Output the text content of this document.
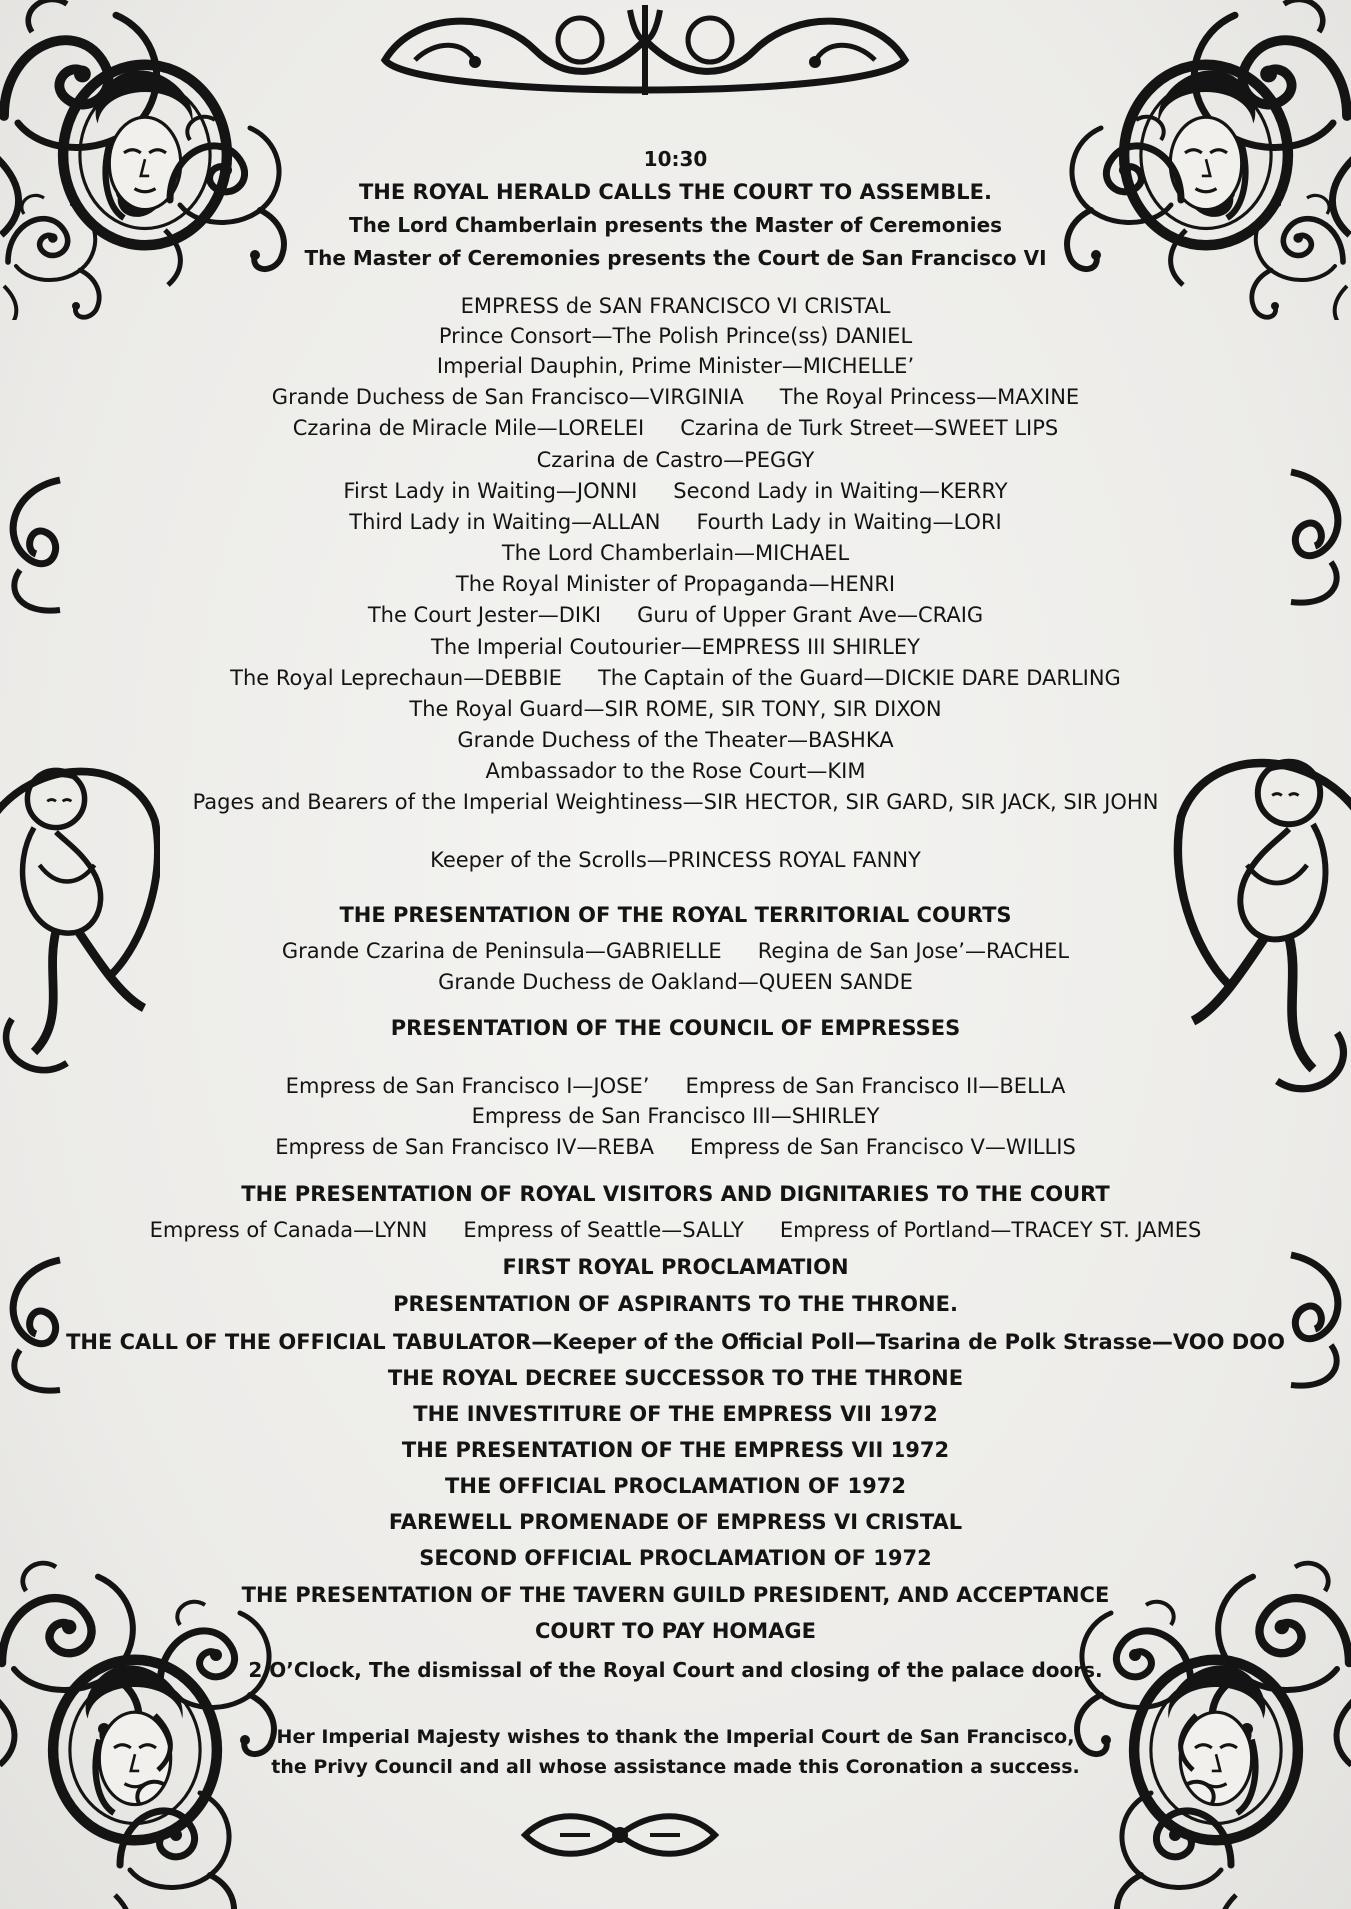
10:30
THE ROYAL HERALD CALLS THE COURT TO ASSEMBLE.
The Lord Chamberlain presents the Master of Ceremonies
The Master of Ceremonies presents the Court de San Francisco VI
EMPRESS de SAN FRANCISCO VI CRISTAL
Prince Consort—The Polish Prince(ss) DANIEL
Imperial Dauphin, Prime Minister—MICHELLE’
Grande Duchess de San Francisco—VIRGINIA The Royal Princess—MAXINE
Czarina de Miracle Mile—LORELEI Czarina de Turk Street—SWEET LIPS
Czarina de Castro—PEGGY
First Lady in Waiting—JONNI Second Lady in Waiting—KERRY
Third Lady in Waiting—ALLAN Fourth Lady in Waiting—LORI
The Lord Chamberlain—MICHAEL
The Royal Minister of Propaganda—HENRI
The Court Jester—DIKI Guru of Upper Grant Ave—CRAIG
The Imperial Coutourier—EMPRESS III SHIRLEY
The Royal Leprechaun—DEBBIE The Captain of the Guard—DICKIE DARE DARLING
The Royal Guard—SIR ROME, SIR TONY, SIR DIXON
Grande Duchess of the Theater—BASHKA
Ambassador to the Rose Court—KIM
Pages and Bearers of the Imperial Weightiness—SIR HECTOR, SIR GARD, SIR JACK, SIR JOHN
Keeper of the Scrolls—PRINCESS ROYAL FANNY
THE PRESENTATION OF THE ROYAL TERRITORIAL COURTS
Grande Czarina de Peninsula—GABRIELLE Regina de San Jose’—RACHEL
Grande Duchess de Oakland—QUEEN SANDE
PRESENTATION OF THE COUNCIL OF EMPRESSES
Empress de San Francisco I—JOSE’ Empress de San Francisco II—BELLA
Empress de San Francisco III—SHIRLEY
Empress de San Francisco IV—REBA Empress de San Francisco V—WILLIS
THE PRESENTATION OF ROYAL VISITORS AND DIGNITARIES TO THE COURT
Empress of Canada—LYNN Empress of Seattle—SALLY Empress of Portland—TRACEY ST. JAMES
FIRST ROYAL PROCLAMATION
PRESENTATION OF ASPIRANTS TO THE THRONE.
THE CALL OF THE OFFICIAL TABULATOR—Keeper of the Official Poll—Tsarina de Polk Strasse—VOO DOO
THE ROYAL DECREE SUCCESSOR TO THE THRONE
THE INVESTITURE OF THE EMPRESS VII 1972
THE PRESENTATION OF THE EMPRESS VII 1972
THE OFFICIAL PROCLAMATION OF 1972
FAREWELL PROMENADE OF EMPRESS VI CRISTAL
SECOND OFFICIAL PROCLAMATION OF 1972
THE PRESENTATION OF THE TAVERN GUILD PRESIDENT, AND ACCEPTANCE
COURT TO PAY HOMAGE
2 O’Clock, The dismissal of the Royal Court and closing of the palace doors.
Her Imperial Majesty wishes to thank the Imperial Court de San Francisco,
the Privy Council and all whose assistance made this Coronation a success.
